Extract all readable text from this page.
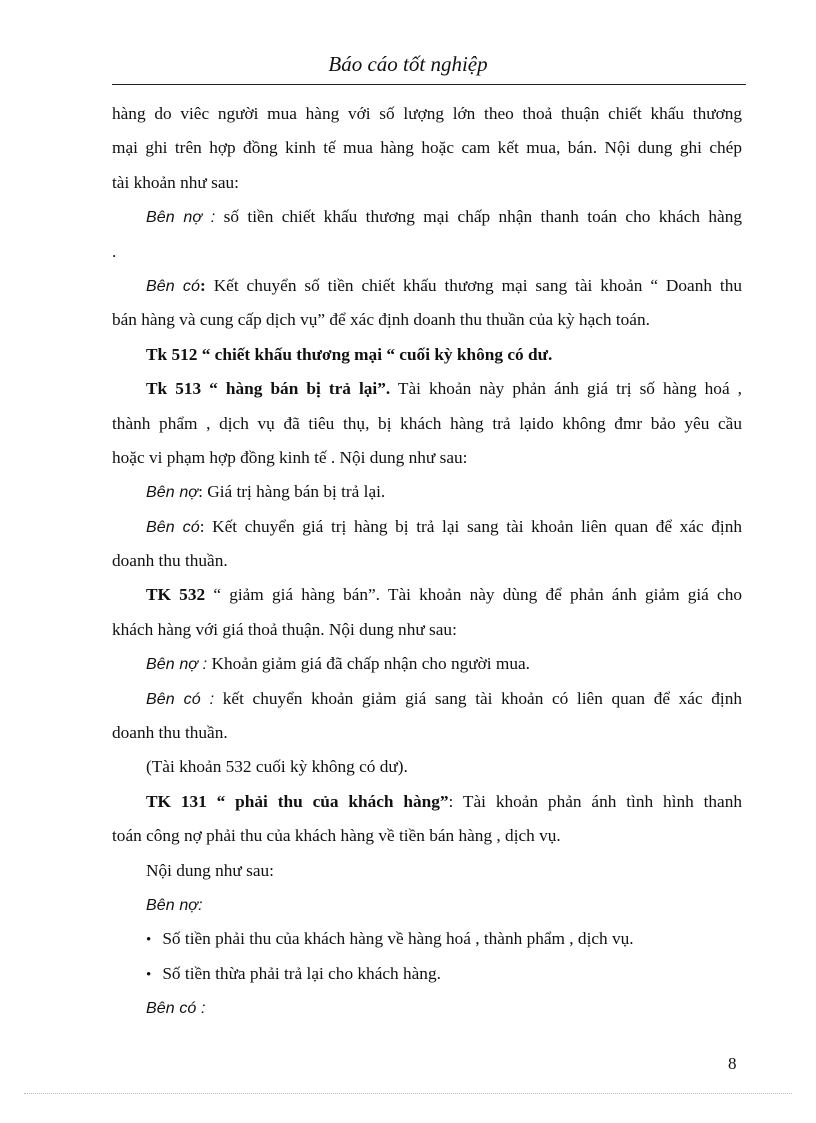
Báo cáo tốt nghiệp
hàng do viêc người mua hàng với số lượng lớn theo thoả thuận chiết khấu thương
mại ghi trên hợp đồng kinh tế mua hàng hoặc cam kết mua, bán. Nội dung ghi chép
tài khoản như sau:
Bên nợ : số tiền chiết khấu thương mại chấp nhận thanh toán cho khách hàng
.
Bên có: Kết chuyển số tiền chiết khấu thương mại sang tài khoản “ Doanh thu
bán hàng và cung cấp dịch vụ” để xác định doanh thu thuần của kỳ hạch toán.
Tk 512 “ chiết khấu thương mại “ cuối kỳ không có dư.
Tk 513 “ hàng bán bị trả lại”. Tài khoản này phản ánh giá trị số hàng hoá ,
thành phẩm , dịch vụ đã tiêu thụ, bị khách hàng trả lạido không đmr bảo yêu cầu
hoặc vi phạm hợp đồng kinh tế . Nội dung như sau:
Bên nợ: Giá trị hàng bán bị trả lại.
Bên có: Kết chuyển giá trị hàng bị trả lại sang tài khoản liên quan để xác định
doanh thu thuần.
TK 532 “ giảm giá hàng bán”. Tài khoản này dùng để phản ánh giảm giá cho
khách hàng với giá thoả thuận. Nội dung như sau:
Bên nợ : Khoản giảm giá đã chấp nhận cho người mua.
Bên có : kết chuyển khoản giảm giá sang tài khoản có liên quan để xác định
doanh thu thuần.
(Tài khoản 532 cuối kỳ không có dư).
TK 131 “ phải thu của khách hàng”: Tài khoản phản ánh tình hình thanh
toán công nợ phải thu của khách hàng về tiền bán hàng , dịch vụ.
Nội dung như sau:
Bên nợ:
• Số tiền phải thu của khách hàng về hàng hoá , thành phẩm , dịch vụ.
• Số tiền thừa phải trả lại cho khách hàng.
Bên có :
8
